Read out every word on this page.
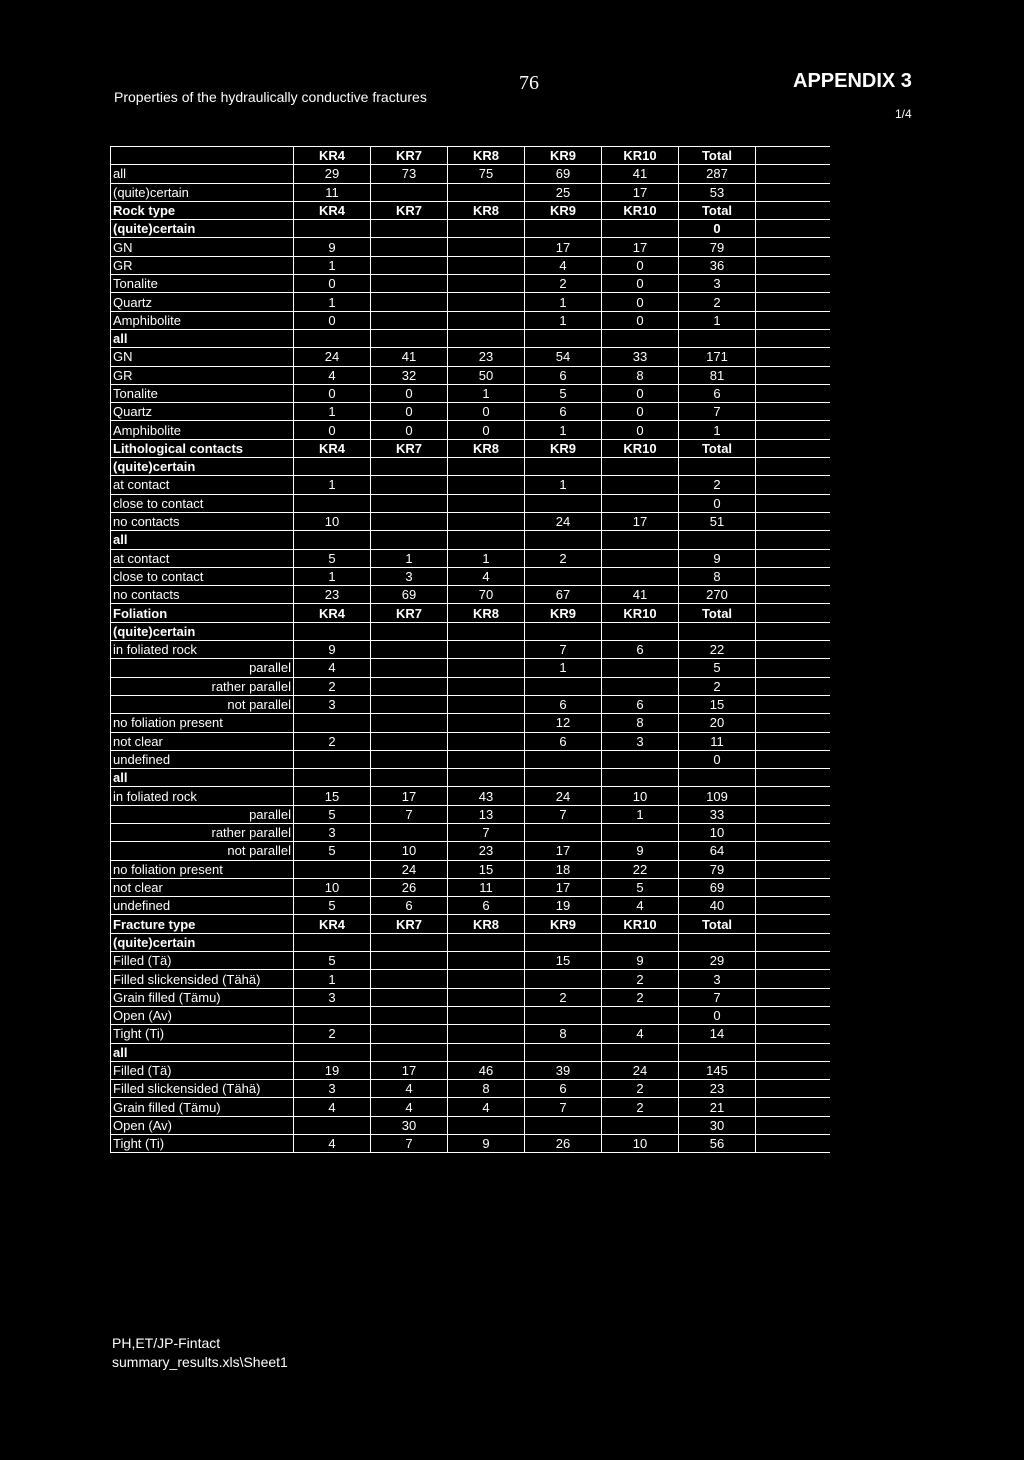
Properties of the hydraulically conductive fractures
76	APPENDIX 3
1/4
	KR4	KR7	KR8	KR9	KR10	Total	
all	29	73	75	69	41	287	
(quite)certain	11			25	17	53	
Rock type	KR4	KR7	KR8	KR9	KR10	Total	
(quite)certain						0	
GN	9			17	17	79	
GR	1			4	0	36	
Tonalite	0			2	0	3	
Quartz	1			1	0	2	
Amphibolite	0			1	0	1	
all							
GN	24	41	23	54	33	171	
GR	4	32	50	6	8	81	
Tonalite	0	0	1	5	0	6	
Quartz	1	0	0	6	0	7	
Amphibolite	0	0	0	1	0	1	
Lithological contacts	KR4	KR7	KR8	KR9	KR10	Total	
(quite)certain							
at contact	1			1		2	
close to contact						0	
no contacts	10			24	17	51	
all							
at contact	5	1	1	2		9	
close to contact	1	3	4			8	
no contacts	23	69	70	67	41	270	
Foliation	KR4	KR7	KR8	KR9	KR10	Total	
(quite)certain							
in foliated rock	9			7	6	22	
parallel	4			1		5	
rather parallel	2					2	
not parallel	3			6	6	15	
no foliation present				12	8	20	
not clear	2			6	3	11	
undefined						0	
all							
in foliated rock	15	17	43	24	10	109	
parallel	5	7	13	7	1	33	
rather parallel	3		7			10	
not parallel	5	10	23	17	9	64	
no foliation present		24	15	18	22	79	
not clear	10	26	11	17	5	69	
undefined	5	6	6	19	4	40	
Fracture type	KR4	KR7	KR8	KR9	KR10	Total	
(quite)certain							
Filled (Tä)	5			15	9	29	
Filled slickensided (Tähä)	1				2	3	
Grain filled (Tämu)	3			2	2	7	
Open (Av)						0	
Tight (Ti)	2			8	4	14	
all							
Filled (Tä)	19	17	46	39	24	145	
Filled slickensided (Tähä)	3	4	8	6	2	23	
Grain filled (Tämu)	4	4	4	7	2	21	
Open (Av)		30				30	
Tight (Ti)	4	7	9	26	10	56	
PH,ET/JP-Fintact
summary_results.xls\Sheet1
